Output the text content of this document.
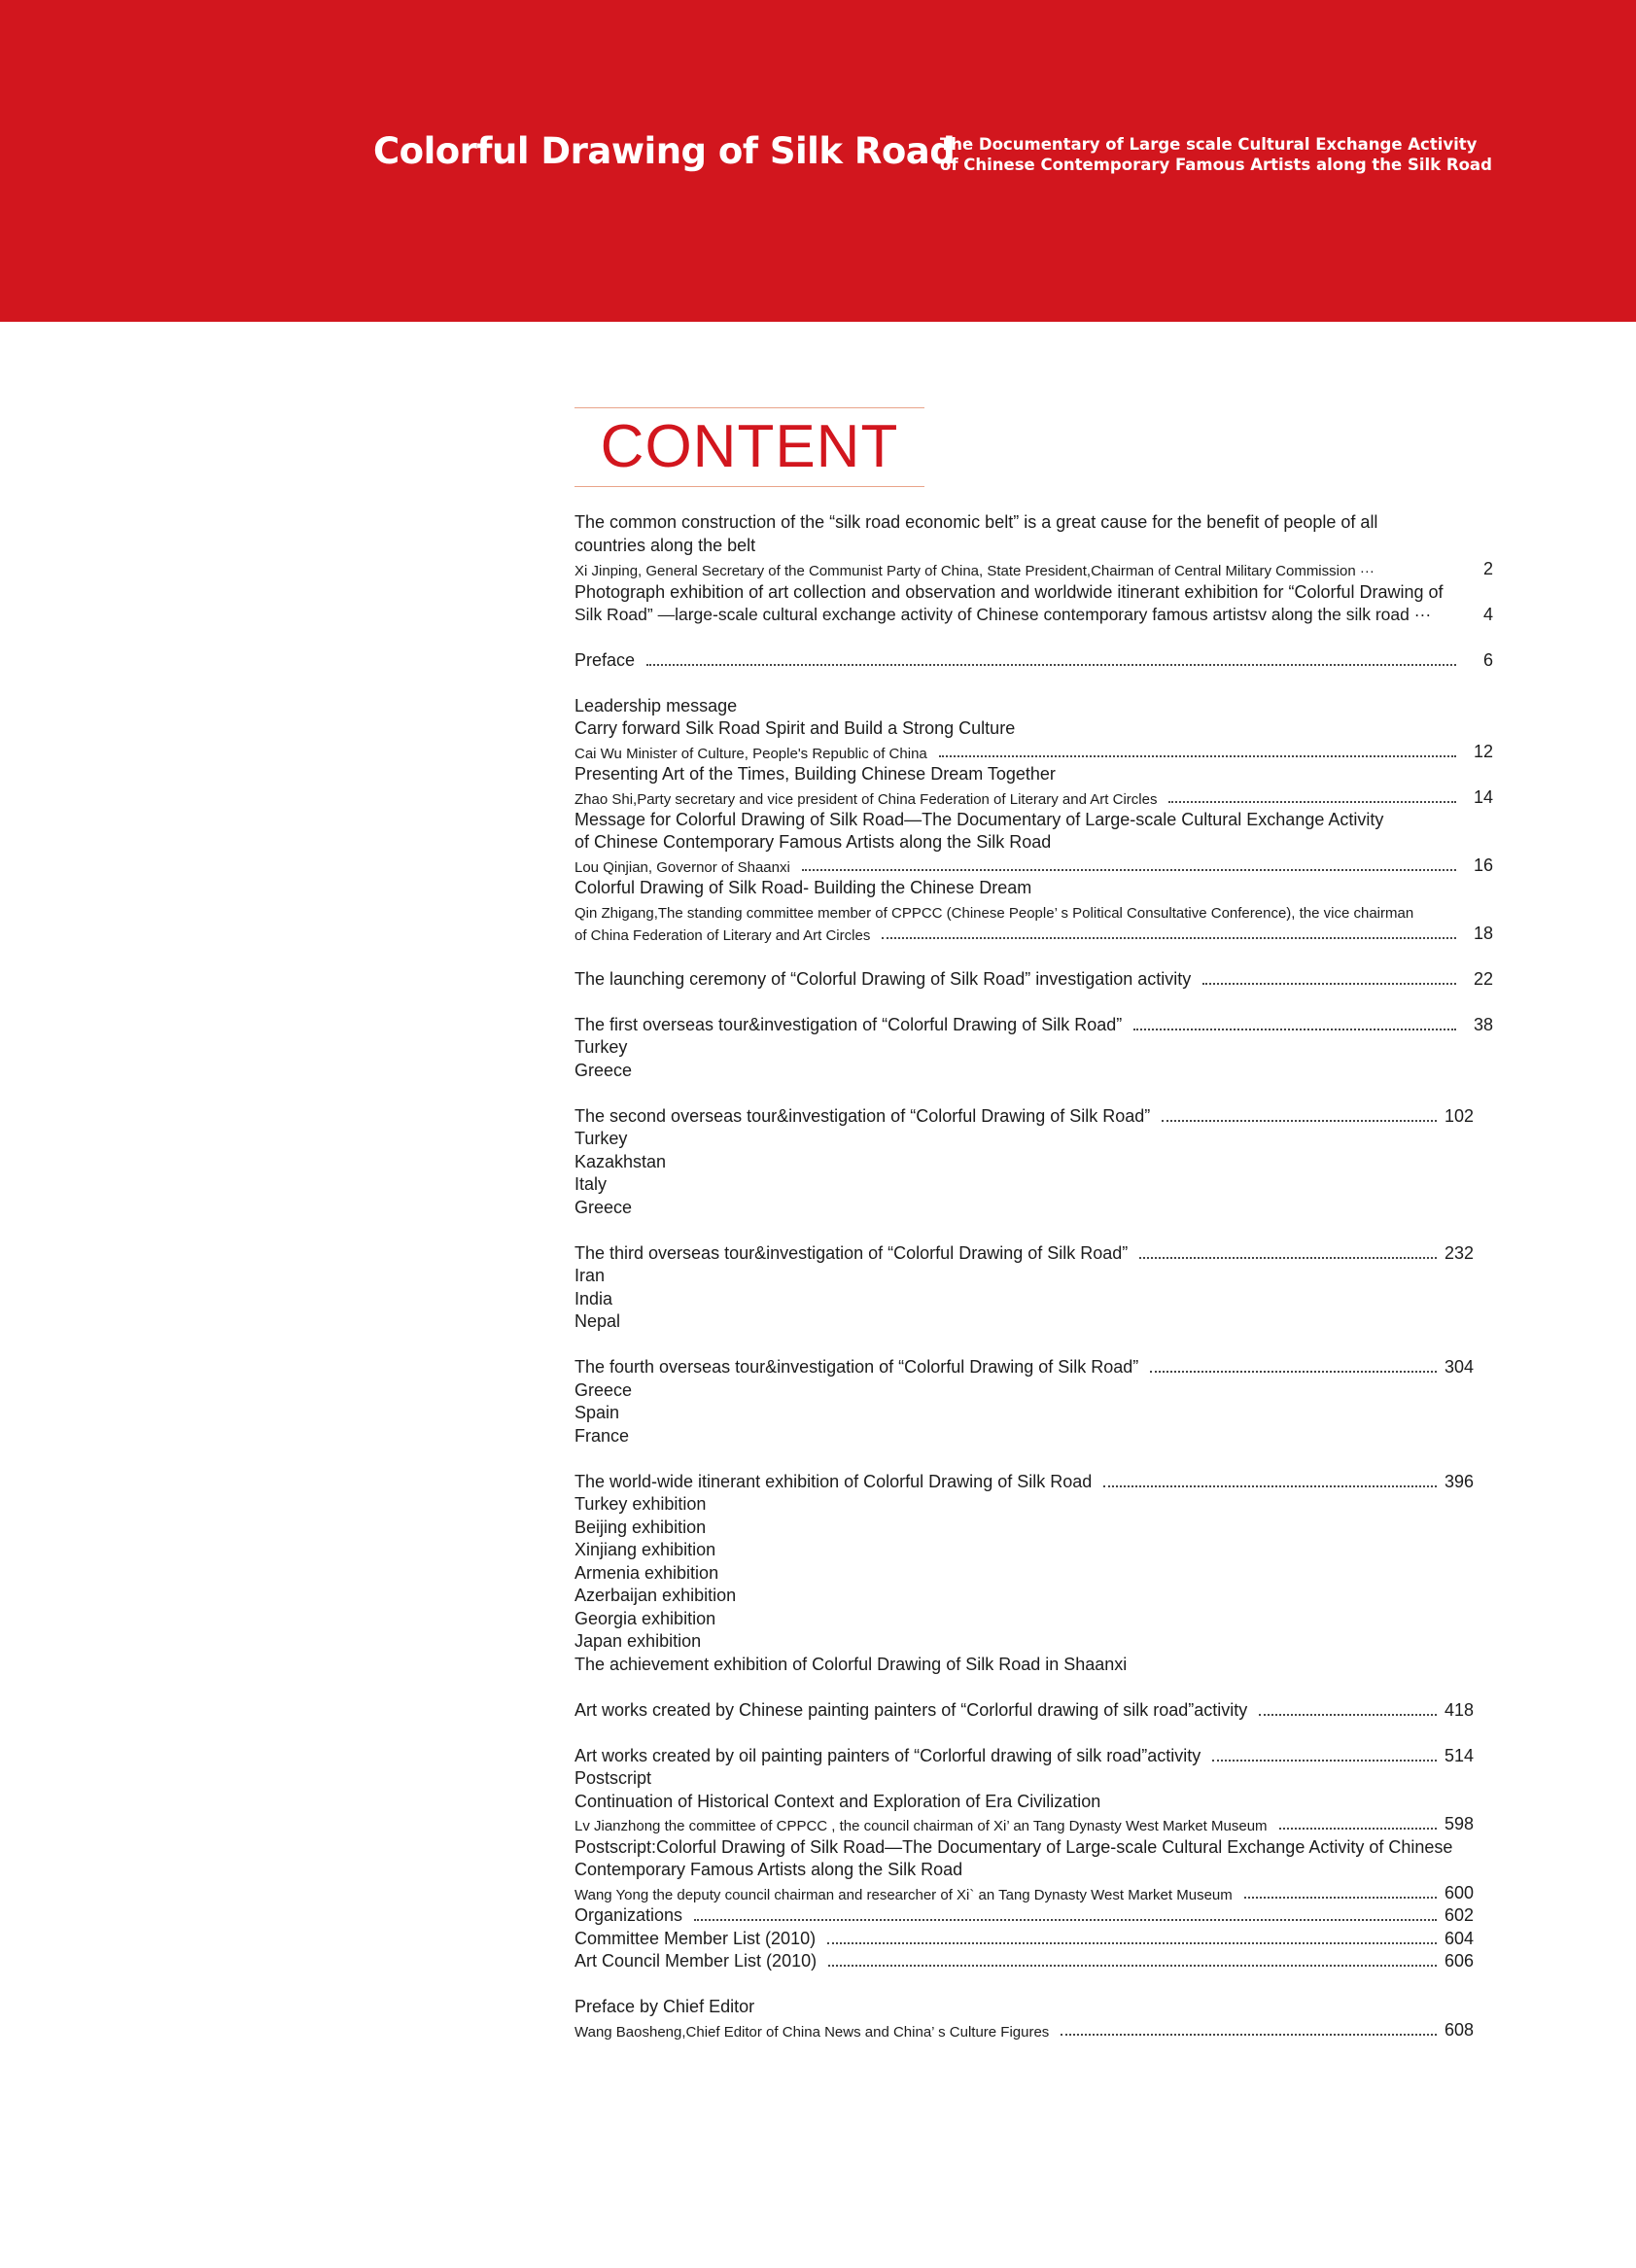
Colorful Drawing of Silk Road
The Documentary of Large scale Cultural Exchange Activity
of Chinese Contemporary Famous Artists along the Silk Road
CONTENT
The common construction of the “silk road economic belt” is a great cause for the benefit of people of all
countries along the belt
Xi Jinping, General Secretary of the Communist Party of China, State President,Chairman of Central Military Commission ···	2
Photograph exhibition of art collection and observation and worldwide itinerant exhibition for “Colorful Drawing of
Silk Road” —large-scale cultural exchange activity of Chinese contemporary famous artistsv along the silk road ···	4
Preface	6
Leadership message
Carry forward Silk Road Spirit and Build a Strong Culture
Cai Wu Minister of Culture, People's Republic of China	12
Presenting Art of the Times, Building Chinese Dream Together
Zhao Shi,Party secretary and vice president of China Federation of Literary and Art Circles	14
Message for Colorful Drawing of Silk Road—The Documentary of Large-scale Cultural Exchange Activity
of Chinese Contemporary Famous Artists along the Silk Road
Lou Qinjian, Governor of Shaanxi	16
Colorful Drawing of Silk Road- Building the Chinese Dream
Qin Zhigang,The standing committee member of CPPCC (Chinese People’ s Political Consultative Conference), the vice chairman
of China Federation of Literary and Art Circles	18
The launching ceremony of “Colorful Drawing of Silk Road” investigation activity	22
The first overseas tour&investigation of “Colorful Drawing of Silk Road”	38
Turkey
Greece
The second overseas tour&investigation of “Colorful Drawing of Silk Road”	102
Turkey
Kazakhstan
Italy
Greece
The third overseas tour&investigation of “Colorful Drawing of Silk Road”	232
Iran
India
Nepal
The fourth overseas tour&investigation of “Colorful Drawing of Silk Road”	304
Greece
Spain
France
The world-wide itinerant exhibition of Colorful Drawing of Silk Road	396
Turkey exhibition
Beijing exhibition
Xinjiang exhibition
Armenia exhibition
Azerbaijan exhibition
Georgia exhibition
Japan exhibition
The achievement exhibition of Colorful Drawing of Silk Road in Shaanxi
Art works created by Chinese painting painters of “Corlorful drawing of silk road”activity	418
Art works created by oil painting painters of “Corlorful drawing of silk road”activity	514
Postscript
Continuation of Historical Context and Exploration of Era Civilization
Lv Jianzhong the committee of CPPCC , the council chairman of Xi’ an Tang Dynasty West Market Museum	598
Postscript:Colorful Drawing of Silk Road—The Documentary of Large-scale Cultural Exchange Activity of Chinese
Contemporary Famous Artists along the Silk Road
Wang Yong the deputy council chairman and researcher of Xi` an Tang Dynasty West Market Museum	600
Organizations	602
Committee Member List (2010)	604
Art Council Member List (2010)	606
Preface by Chief Editor
Wang Baosheng,Chief Editor of China News and China’ s Culture Figures	608
